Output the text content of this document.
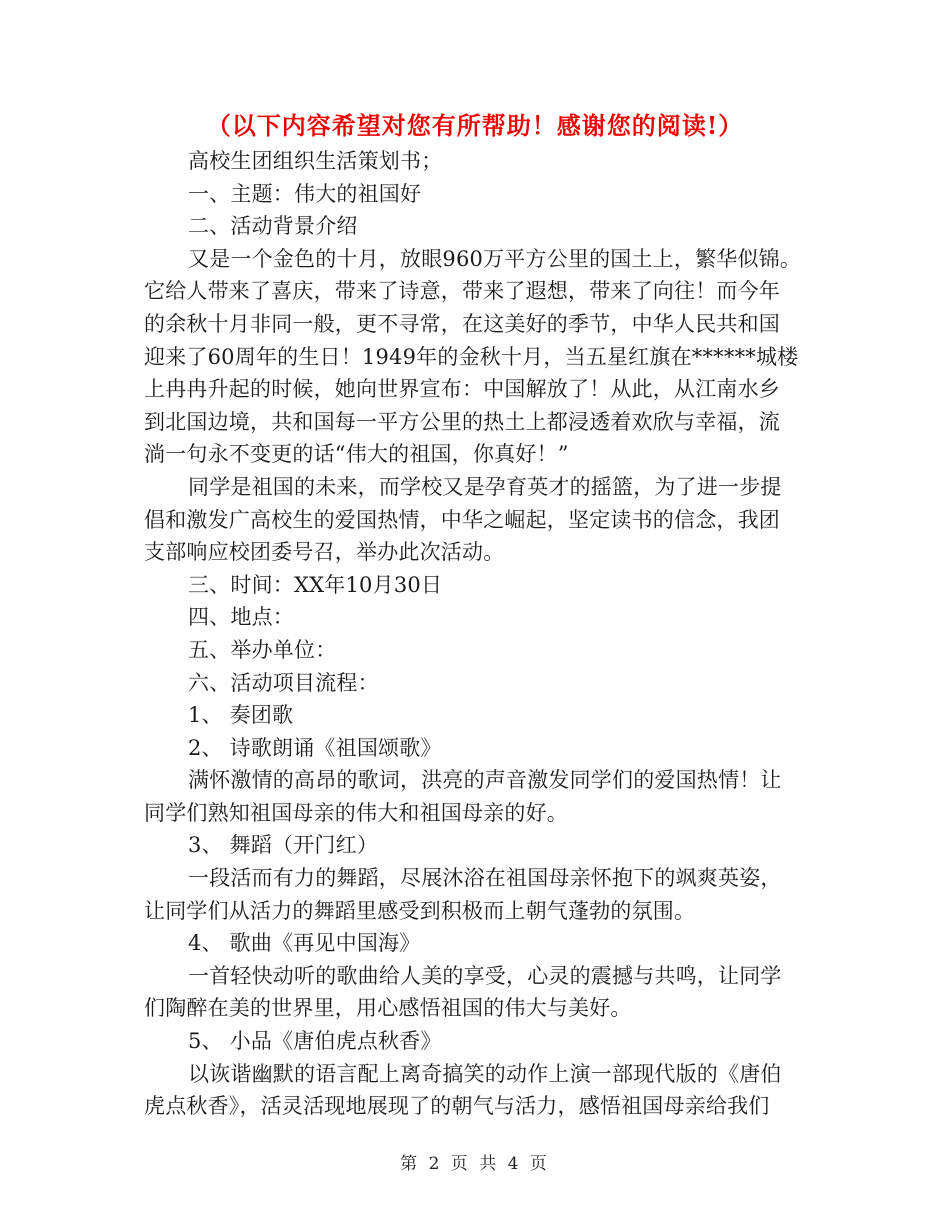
（以下内容希望对您有所帮助！感谢您的阅读!）
高校生团组织生活策划书；
一、主题：伟大的祖国好
二、活动背景介绍
又是一个金色的十月，放眼960万平方公里的国土上，繁华似锦。
它给人带来了喜庆，带来了诗意，带来了遐想，带来了向往！而今年
的余秋十月非同一般，更不寻常，在这美好的季节，中华人民共和国
迎来了60周年的生日！1949年的金秋十月，当五星红旗在******城楼
上冉冉升起的时候，她向世界宣布：中国解放了！从此，从江南水乡
到北国边境，共和国每一平方公里的热土上都浸透着欢欣与幸福，流
淌一句永不变更的话“伟大的祖国，你真好！”
同学是祖国的未来，而学校又是孕育英才的摇篮，为了进一步提
倡和激发广高校生的爱国热情，中华之崛起，坚定读书的信念，我团
支部响应校团委号召，举办此次活动。
三、时间：XX年10月30日
四、地点：
五、举办单位：
六、活动项目流程：
1、 奏团歌
2、 诗歌朗诵《祖国颂歌》
满怀激情的高昂的歌词，洪亮的声音激发同学们的爱国热情！让
同学们熟知祖国母亲的伟大和祖国母亲的好。
3、 舞蹈（开门红）
一段活而有力的舞蹈，尽展沐浴在祖国母亲怀抱下的飒爽英姿，
让同学们从活力的舞蹈里感受到积极而上朝气蓬勃的氛围。
4、 歌曲《再见中国海》
一首轻快动听的歌曲给人美的享受，心灵的震撼与共鸣，让同学
们陶醉在美的世界里，用心感悟祖国的伟大与美好。
5、 小品《唐伯虎点秋香》
以诙谐幽默的语言配上离奇搞笑的动作上演一部现代版的《唐伯
虎点秋香》，活灵活现地展现了的朝气与活力，感悟祖国母亲给我们
第 2 页 共 4 页
